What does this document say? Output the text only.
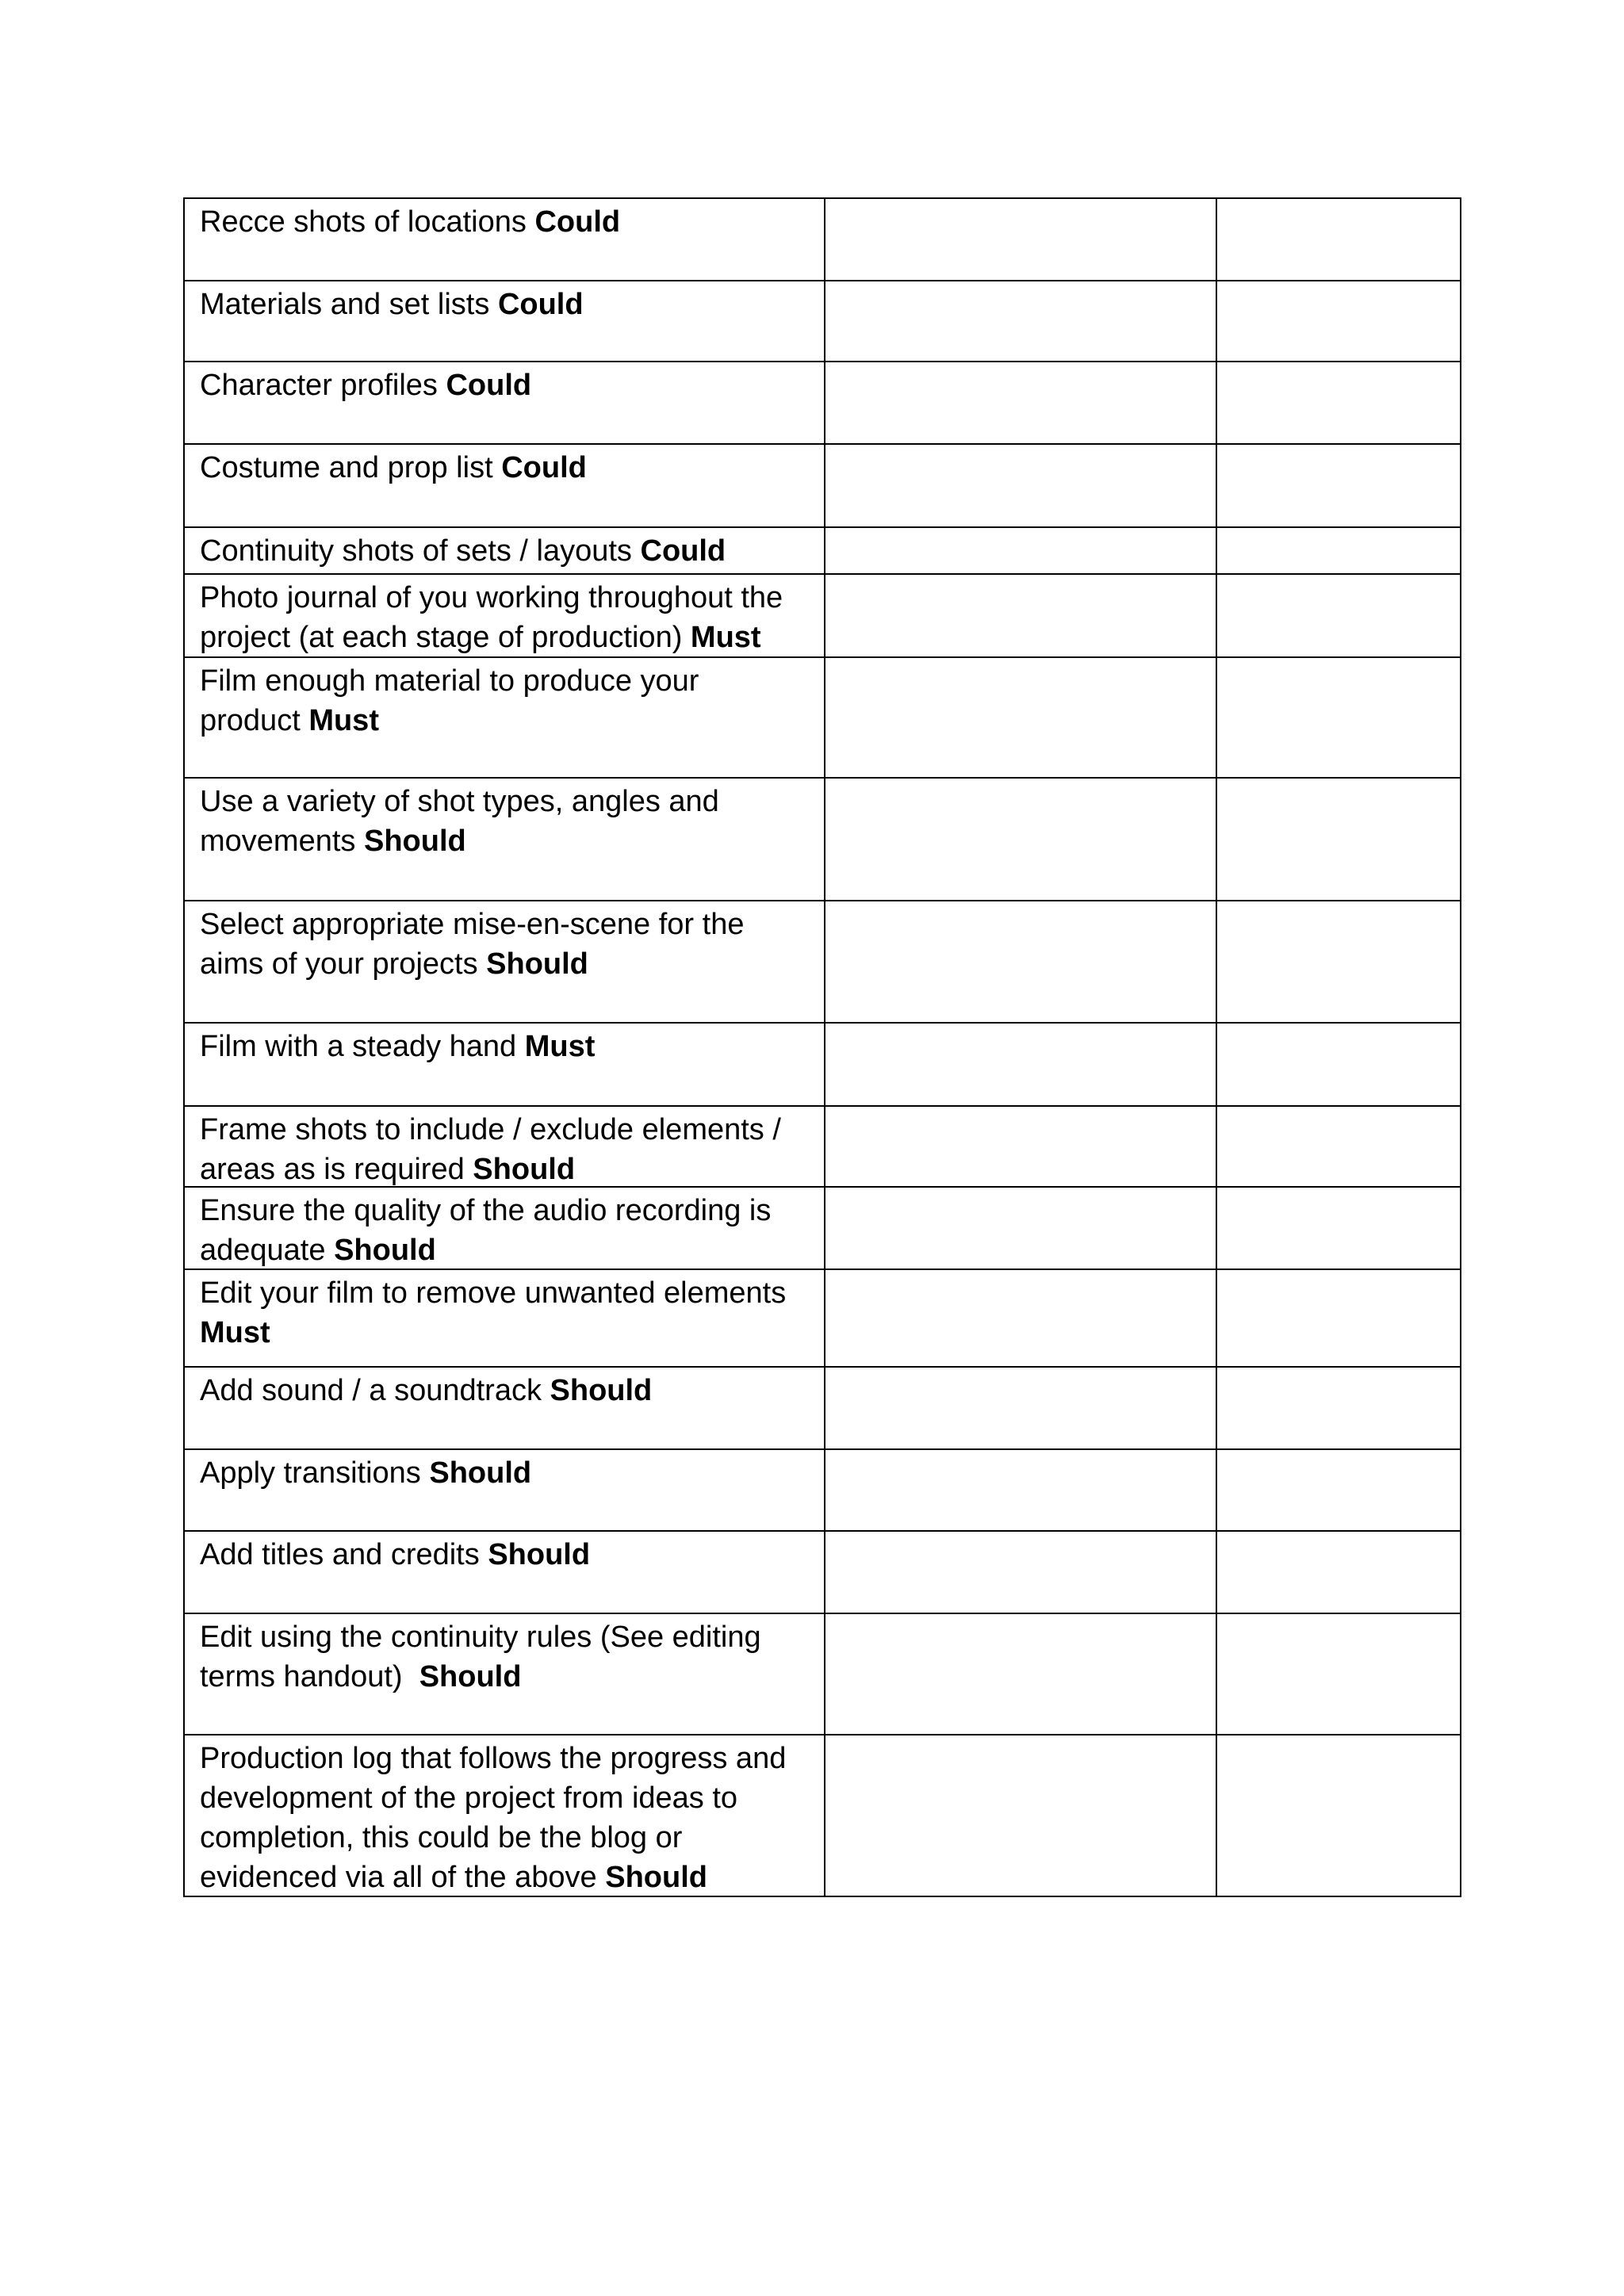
Recce shots of locations Could		

Materials and set lists Could		

Character profiles Could		

Costume and prop list Could		

Continuity shots of sets / layouts Could		

Photo journal of you working throughout the
project (at each stage of production) Must		

Film enough material to produce your
product Must		

Use a variety of shot types, angles and
movements Should		

Select appropriate mise-en-scene for the
aims of your projects Should		

Film with a steady hand Must		

Frame shots to include / exclude elements /
areas as is required Should		

Ensure the quality of the audio recording is
adequate Should		

Edit your film to remove unwanted elements
Must		

Add sound / a soundtrack Should		

Apply transitions Should		

Add titles and credits Should		

Edit using the continuity rules (See editing
terms handout)  Should		

Production log that follows the progress and
development of the project from ideas to
completion, this could be the blog or
evidenced via all of the above Should		
